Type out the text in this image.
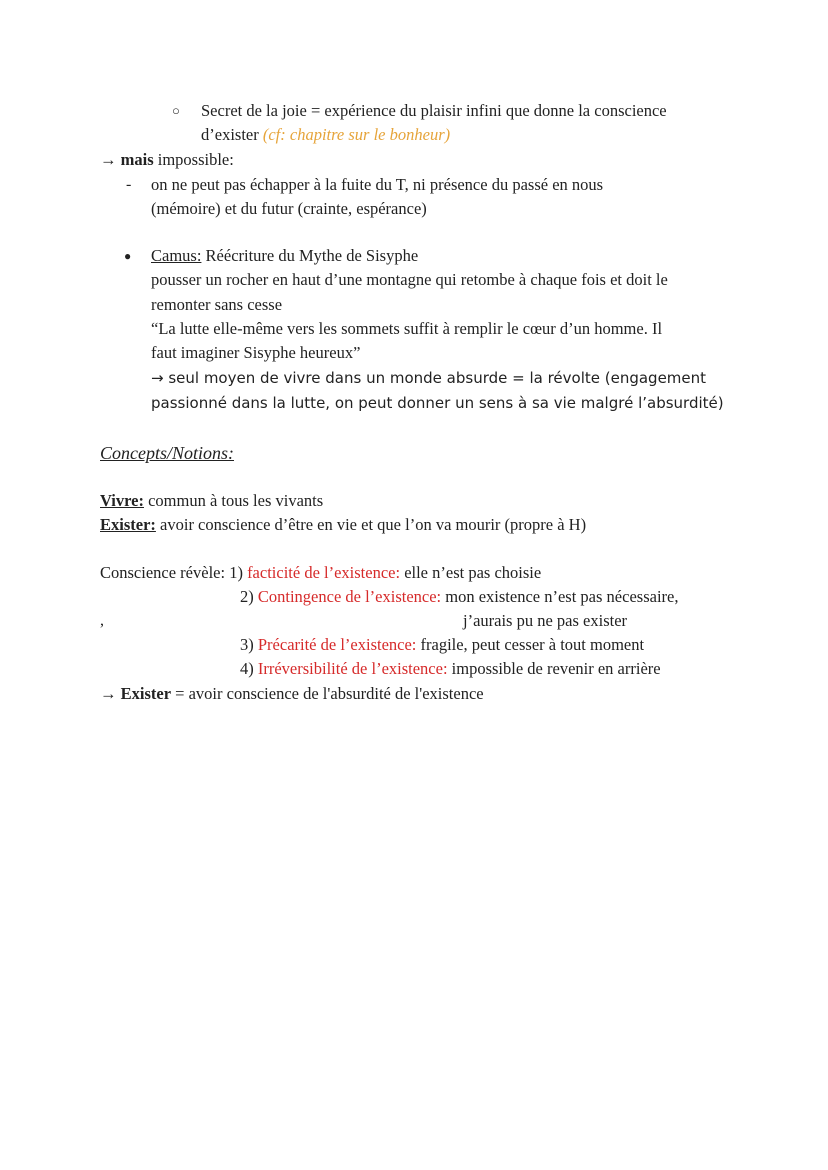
○ Secret de la joie = expérience du plaisir infini que donne la conscience
d’exister (cf: chapitre sur le bonheur)
→ mais impossible:
- on ne peut pas échapper à la fuite du T, ni présence du passé en nous
(mémoire) et du futur (crainte, espérance)
● Camus: Réécriture du Mythe de Sisyphe
pousser un rocher en haut d’une montagne qui retombe à chaque fois et doit le
remonter sans cesse
“La lutte elle-même vers les sommets suffit à remplir le cœur d’un homme. Il
faut imaginer Sisyphe heureux”
→ seul moyen de vivre dans un monde absurde = la révolte (engagement
passionné dans la lutte, on peut donner un sens à sa vie malgré l’absurdité)
Concepts/Notions:
Vivre: commun à tous les vivants
Exister: avoir conscience d’être en vie et que l’on va mourir (propre à H)
Conscience révèle: 1) facticité de l’existence: elle n’est pas choisie
2) Contingence de l’existence: mon existence n’est pas nécessaire,
,	j’aurais pu ne pas exister
3) Précarité de l’existence: fragile, peut cesser à tout moment
4) Irréversibilité de l’existence: impossible de revenir en arrière
→ Exister = avoir conscience de l'absurdité de l'existence
